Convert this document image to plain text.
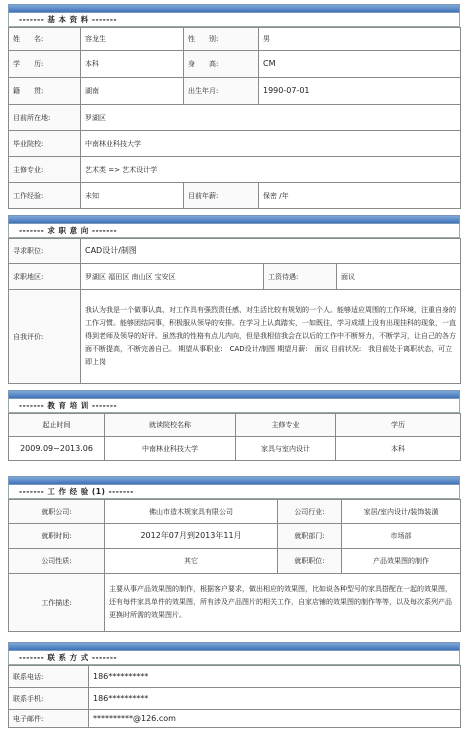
------- 基 本 资 料 -------
姓　　名:	容龙生	性　　别:	男
学　　历:	本科	身　　高:	CM
籍　　贯:	湖南	出生年月:	1990-07-01
目前所在地:	罗湖区		
毕业院校:	中南林业科技大学		
主修专业:	艺术类 => 艺术设计学		
工作经验:	未知	目前年薪:	保密 /年
------- 求 职 意 向 -------
寻求职位:	CAD设计/制图		
求职地区:	罗湖区 福田区 南山区 宝安区	工资待遇:	面议
自我评价:	我认为我是一个做事认真、对工作具有强烈责任感、对生活比较有规划的一个人。能够适应周围的工作环境，注重自身的工作习惯。能够团结同事，积极服从领导的安排。在学习上认真踏实，一如既往，学习成绩上没有出现挂科的现象，一直得到老师及领导的好评。虽然我的性格有点儿内向，但是我相信我会在以后的工作中不断努力，不断学习，让自己的各方面不断提高，不断完善自己。 期望从事职业:　CAD设计/制图 期望月薪:　面议 目前状况:　我目前处于离职状态，可立即上岗		
------- 教 育 培 训 -------
起止时间	就读院校名称	主修专业	学历
2009.09~2013.06	中南林业科技大学	家具与室内设计	本科
------- 工 作 经 验 (1) -------
就职公司:	佛山市造木规家具有限公司	公司行业:	家居/室内设计/装饰装潢
就职时间:	2012年07月到2013年11月	就职部门:	市场部
公司性质:	其它	就职职位:	产品效果图的制作
工作描述:	主要从事产品效果图的制作，根据客户要求，做出相应的效果图，比如说各种型号的家具搭配在一起的效果图，还有每件家具单件的效果图，所有涉及产品图片的相关工作，自家店铺的效果图的制作等等，以及每次系列产品更换时所需的效果图片。		
------- 联 系 方 式 -------
联系电话:	186**********
联系手机:	186**********
电子邮件:	**********@126.com
